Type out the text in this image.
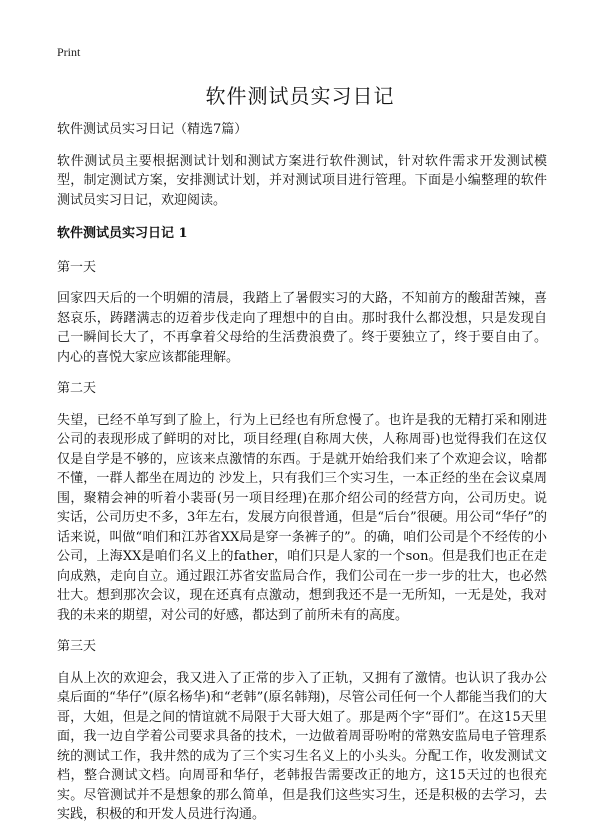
Print
软件测试员实习日记

软件测试员实习日记（精选7篇）

软件测试员主要根据测试计划和测试方案进行软件测试，针对软件需求开发测试模型，制定测试方案，安排测试计划，并对测试项目进行管理。下面是小编整理的软件测试员实习日记，欢迎阅读。

软件测试员实习日记 1

第一天

回家四天后的一个明媚的清晨，我踏上了暑假实习的大路，不知前方的酸甜苦辣，喜怒哀乐，踌躇满志的迈着步伐走向了理想中的自由。那时我什么都没想，只是发现自己一瞬间长大了，不再拿着父母给的生活费浪费了。终于要独立了，终于要自由了。内心的喜悦大家应该都能理解。

第二天

失望，已经不单写到了脸上，行为上已经也有所怠慢了。也许是我的无精打采和刚进公司的表现形成了鲜明的对比，项目经理(自称周大侠，人称周哥)也觉得我们在这仅仅是自学是不够的，应该来点激情的东西。于是就开始给我们来了个欢迎会议，啥都不懂，一群人都坐在周边的 沙发上，只有我们三个实习生，一本正经的坐在会议桌周围，聚精会神的听着小裴哥(另一项目经理)在那介绍公司的经营方向，公司历史。说实话，公司历史不多，3年左右，发展方向很普通，但是“后台”很硬。用公司“华仔”的话来说，叫做“咱们和江苏省XX局是穿一条裤子的”。的确，咱们公司是个不经传的小公司，上海XX是咱们名义上的father，咱们只是人家的一个son。但是我们也正在走向成熟，走向自立。通过跟江苏省安监局合作，我们公司在一步一步的壮大，也必然壮大。想到那次会议，现在还真有点激动，想到我还不是一无所知，一无是处，我对我的未来的期望，对公司的好感，都达到了前所未有的高度。

第三天

自从上次的欢迎会，我又进入了正常的步入了正轨，又拥有了激情。也认识了我办公桌后面的“华仔”(原名杨华)和“老韩”(原名韩翔)，尽管公司任何一个人都能当我们的大哥，大姐，但是之间的情谊就不局限于大哥大姐了。那是两个字“哥们”。在这15天里面，我一边自学着公司要求具备的技术，一边做着周哥吩咐的常熟安监局电子管理系统的测试工作，我井然的成为了三个实习生名义上的小头头。分配工作，收发测试文档，整合测试文档。向周哥和华仔，老韩报告需要改正的地方，这15天过的也很充实。尽管测试并不是想象的那么简单，但是我们这些实习生，还是积极的去学习，去实践，积极的和开发人员进行沟通。
